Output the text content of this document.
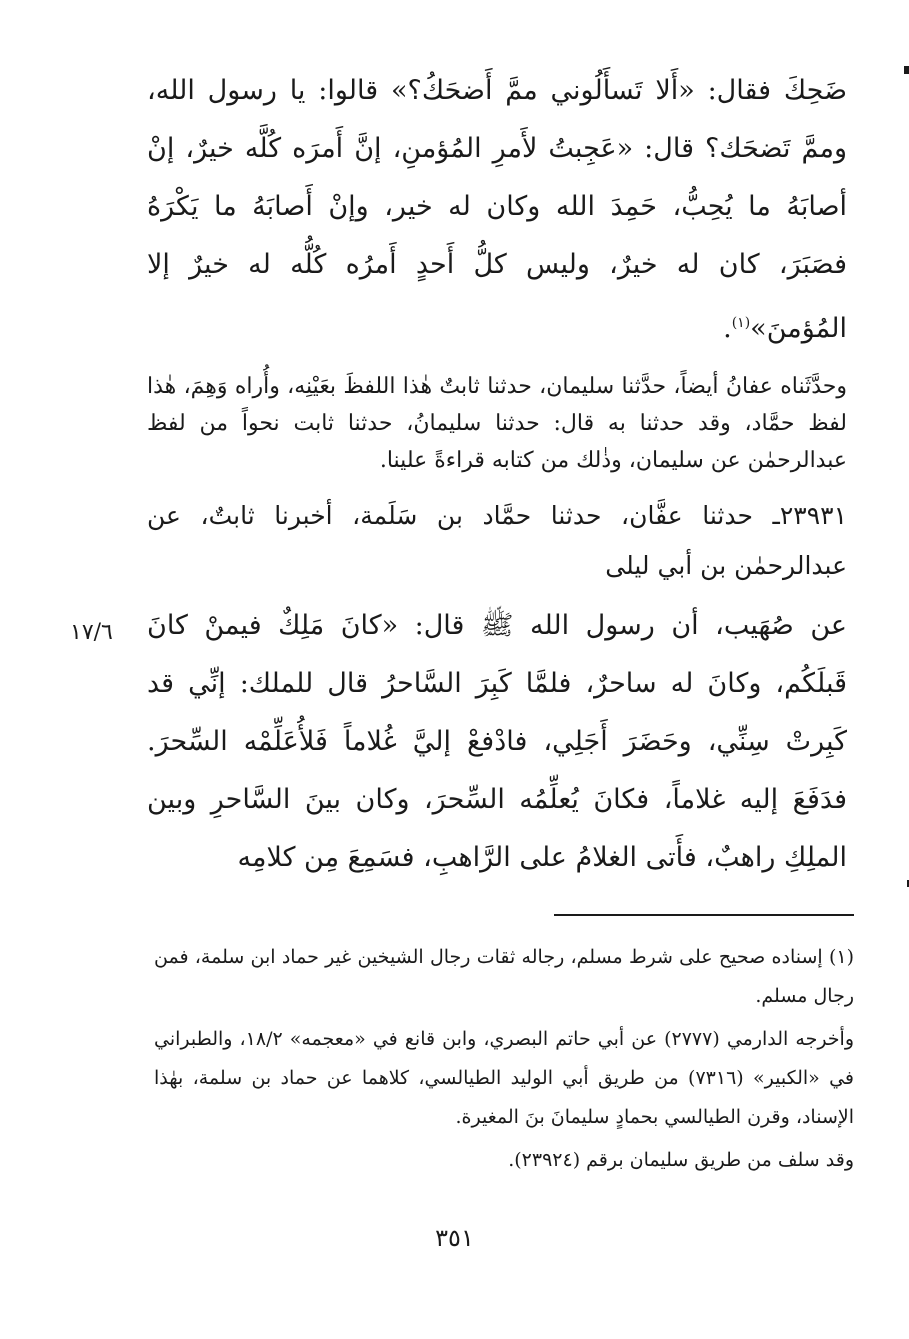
ضَحِكَ فقال: «أَلا تَسأَلُوني ممَّ أَضحَكُ؟» قالوا: يا رسول الله، وممَّ تَضحَك؟ قال: «عَجِبتُ لأَمرِ المُؤمنِ، إنَّ أَمرَه كُلَّه خيرٌ، إنْ أصابَهُ ما يُحِبُّ، حَمِدَ الله وكان له خير، وإنْ أَصابَهُ ما يَكْرَهُ فصَبَرَ، كان له خيرٌ، وليس كلُّ أَحدٍ أَمرُه كُلُّه له خيرٌ إلا المُؤمنَ»$^{(١)}$.

وحدَّثَناه عفانُ أيضاً، حدَّثنا سليمان، حدثنا ثابتٌ هٰذا اللفظَ بعَيْنِه، وأُراه وَهِمَ، هٰذا لفظ حمَّاد، وقد حدثنا به قال: حدثنا سليمانُ، حدثنا ثابت نحواً من لفظ عبدالرحمٰن عن سليمان، وذٰلك من كتابه قراءةً علينا.

٢٣٩٣١ـ حدثنا عفَّان، حدثنا حمَّاد بن سَلَمة، أخبرنا ثابتٌ، عن عبدالرحمٰن بن أبي ليلى

عن صُهَيب، أن رسول الله ﷺ قال: «كانَ مَلِكٌ فيمنْ كانَ قَبلَكُم، وكانَ له ساحرٌ، فلمَّا كَبِرَ السَّاحرُ قال للملك: إنِّي قد كَبِرتْ سِنِّي، وحَضَرَ أَجَلِي، فادْفعْ إليَّ غُلاماً فَلأُعَلِّمْه السِّحرَ. فدَفَعَ إليه غلاماً، فكانَ يُعلِّمُه السِّحرَ، وكان بينَ السَّاحرِ وبين الملِكِ راهبٌ، فأَتى الغلامُ على الرَّاهبِ، فسَمِعَ مِن كلامِه

١٧/٦

(١) إسناده صحيح على شرط مسلم، رجاله ثقات رجال الشيخين غير حماد ابن سلمة، فمن رجال مسلم.

وأخرجه الدارمي (٢٧٧٧) عن أبي حاتم البصري، وابن قانع في «معجمه» ١٨/٢، والطبراني في «الكبير» (٧٣١٦) من طريق أبي الوليد الطيالسي، كلاهما عن حماد بن سلمة، بهٰذا الإسناد، وقرن الطيالسي بحمادٍ سليمانَ بنَ المغيرة.

وقد سلف من طريق سليمان برقم (٢٣٩٢٤).

٣٥١
